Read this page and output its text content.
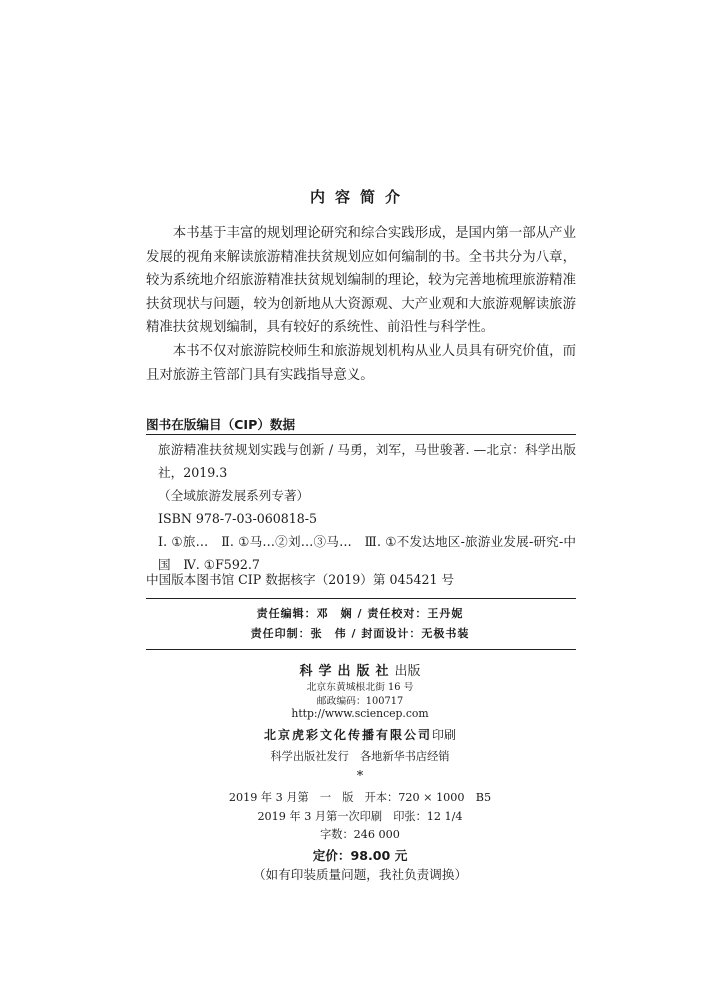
内容简介

本书基于丰富的规划理论研究和综合实践形成，是国内第一部从产业发展的视角来解读旅游精准扶贫规划应如何编制的书。全书共分为八章，较为系统地介绍旅游精准扶贫规划编制的理论，较为完善地梳理旅游精准扶贫现状与问题，较为创新地从大资源观、大产业观和大旅游观解读旅游精准扶贫规划编制，具有较好的系统性、前沿性与科学性。

本书不仅对旅游院校师生和旅游规划机构从业人员具有研究价值，而且对旅游主管部门具有实践指导意义。

图书在版编目（CIP）数据
旅游精准扶贫规划实践与创新 / 马勇，刘军，马世骏著. —北京：科学出版社，2019.3
（全域旅游发展系列专著）
ISBN 978-7-03-060818-5
Ⅰ. ①旅…　Ⅱ. ①马…②刘…③马…　Ⅲ. ①不发达地区-旅游业发展-研究-中国　Ⅳ. ①F592.7
中国版本图书馆 CIP 数据核字（2019）第 045421 号
责任编辑：邓　娴 / 责任校对：王丹妮
责任印制：张　伟 / 封面设计：无极书装
科学出版社出版
北京东黄城根北街 16 号
邮政编码：100717
http://www.sciencep.com
北京虎彩文化传播有限公司印刷
科学出版社发行　各地新华书店经销
*
2019 年 3 月第　一　版　开本：720 × 1000　B5
2019 年 3 月第一次印刷　印张：12 1/4
字数：246 000
定价：98.00 元
（如有印装质量问题，我社负责调换）
